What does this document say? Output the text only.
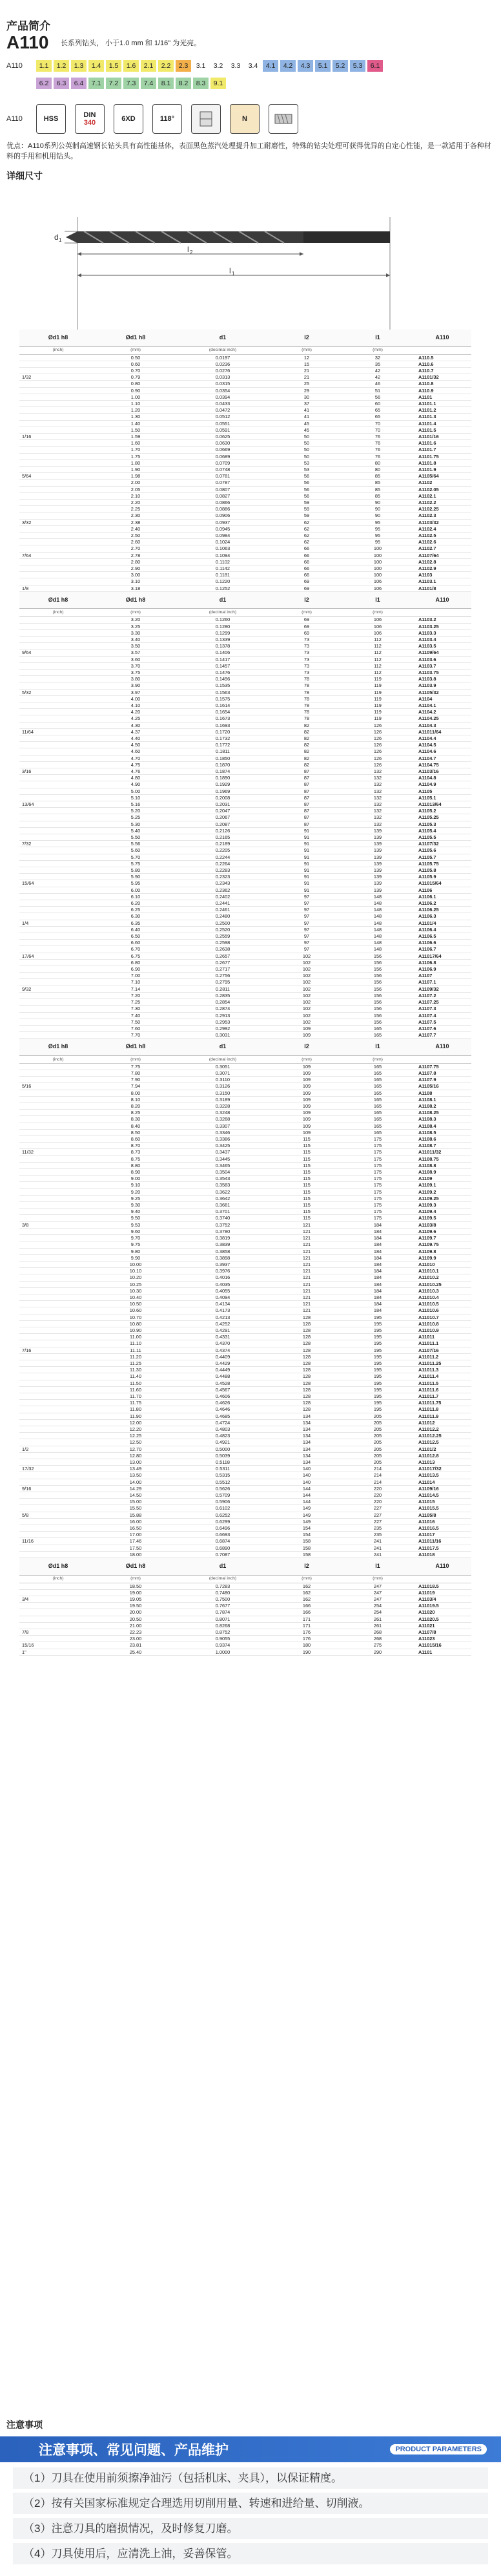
产品简介
A110	长系列钻头， 小于1.0 mm 和 1/16" 为光亮。
A110	1.1	1.2	1.3	1.4	1.5	1.6	2.1	2.2	2.3	3.1	3.2	3.3	3.4	4.1	4.2	4.3	5.1	5.2	5.3	6.1
6.2	6.3	6.4	7.1	7.2	7.3	7.4	8.1	8.2	8.3	9.1
A110	HSS	DIN
340	6XD	118°	N
优点：A110系列公英制高速钢长钻头具有高性能基体，表面黑色蒸汽处理提升加工耐磨性，特殊的钻尖处理可获得优异的自定心性能，是一款适用于各种材料的手用和机用钻头。
详细尺寸
d 1
l 2
l 1
Ød1 h8	Ød1 h8	d1	l2	l1	A110
(inch)	(mm)	(decimal inch)	(mm)	(mm)	
	0.50	0.0197	12	32	A110.5
	0.60	0.0236	15	35	A110.6
	0.70	0.0276	21	42	A110.7
1/32	0.79	0.0313	21	42	A1101/32
	0.80	0.0315	25	46	A110.8
	0.90	0.0354	29	51	A110.9
	1.00	0.0394	30	56	A1101
	1.10	0.0433	37	60	A1101.1
	1.20	0.0472	41	65	A1101.2
	1.30	0.0512	41	65	A1101.3
	1.40	0.0551	45	70	A1101.4
	1.50	0.0591	45	70	A1101.5
1/16	1.59	0.0625	50	76	A1101/16
	1.60	0.0630	50	76	A1101.6
	1.70	0.0669	50	76	A1101.7
	1.75	0.0689	50	76	A1101.75
	1.80	0.0709	53	80	A1101.8
	1.90	0.0748	53	80	A1101.9
5/64	1.98	0.0781	56	85	A1105/64
	2.00	0.0787	56	85	A1102
	2.05	0.0807	56	85	A1102.05
	2.10	0.0827	56	85	A1102.1
	2.20	0.0866	59	90	A1102.2
	2.25	0.0886	59	90	A1102.25
	2.30	0.0906	59	90	A1102.3
3/32	2.38	0.0937	62	95	A1103/32
	2.40	0.0945	62	95	A1102.4
	2.50	0.0984	62	95	A1102.5
	2.60	0.1024	62	95	A1102.6
	2.70	0.1063	66	100	A1102.7
7/64	2.78	0.1094	66	100	A1107/64
	2.80	0.1102	66	100	A1102.8
	2.90	0.1142	66	100	A1102.9
	3.00	0.1181	66	100	A1103
	3.10	0.1220	69	106	A1103.1
1/8	3.18	0.1252	69	106	A1101/8
Ød1 h8	Ød1 h8	d1	l2	l1	A110
(inch)	(mm)	(decimal inch)	(mm)	(mm)	
	3.20	0.1260	69	106	A1103.2
	3.25	0.1280	69	106	A1103.25
	3.30	0.1299	69	106	A1103.3
	3.40	0.1339	73	112	A1103.4
	3.50	0.1378	73	112	A1103.5
9/64	3.57	0.1406	73	112	A1109/64
	3.60	0.1417	73	112	A1103.6
	3.70	0.1457	73	112	A1103.7
	3.75	0.1476	73	112	A1103.75
	3.80	0.1496	78	119	A1103.8
	3.90	0.1535	78	119	A1103.9
5/32	3.97	0.1563	78	119	A1105/32
	4.00	0.1575	78	119	A1104
	4.10	0.1614	78	119	A1104.1
	4.20	0.1654	78	119	A1104.2
	4.25	0.1673	78	119	A1104.25
	4.30	0.1693	82	126	A1104.3
11/64	4.37	0.1720	82	126	A11011/64
	4.40	0.1732	82	126	A1104.4
	4.50	0.1772	82	126	A1104.5
	4.60	0.1811	82	126	A1104.6
	4.70	0.1850	82	126	A1104.7
	4.75	0.1870	82	126	A1104.75
3/16	4.76	0.1874	87	132	A1103/16
	4.80	0.1890	87	132	A1104.8
	4.90	0.1929	87	132	A1104.9
	5.00	0.1969	87	132	A1105
	5.10	0.2008	87	132	A1105.1
13/64	5.16	0.2031	87	132	A11013/64
	5.20	0.2047	87	132	A1105.2
	5.25	0.2067	87	132	A1105.25
	5.30	0.2087	87	132	A1105.3
	5.40	0.2126	91	139	A1105.4
	5.50	0.2165	91	139	A1105.5
7/32	5.56	0.2189	91	139	A1107/32
	5.60	0.2205	91	139	A1105.6
	5.70	0.2244	91	139	A1105.7
	5.75	0.2264	91	139	A1105.75
	5.80	0.2283	91	139	A1105.8
	5.90	0.2323	91	139	A1105.9
15/64	5.95	0.2343	91	139	A11015/64
	6.00	0.2362	91	139	A1106
	6.10	0.2402	97	148	A1106.1
	6.20	0.2441	97	148	A1106.2
	6.25	0.2461	97	148	A1106.25
	6.30	0.2480	97	148	A1106.3
1/4	6.35	0.2500	97	148	A1101/4
	6.40	0.2520	97	148	A1106.4
	6.50	0.2559	97	148	A1106.5
	6.60	0.2598	97	148	A1106.6
	6.70	0.2638	97	148	A1106.7
17/64	6.75	0.2657	102	156	A11017/64
	6.80	0.2677	102	156	A1106.8
	6.90	0.2717	102	156	A1106.9
	7.00	0.2756	102	156	A1107
	7.10	0.2795	102	156	A1107.1
9/32	7.14	0.2811	102	156	A1109/32
	7.20	0.2835	102	156	A1107.2
	7.25	0.2854	102	156	A1107.25
	7.30	0.2874	102	156	A1107.3
	7.40	0.2913	102	156	A1107.4
	7.50	0.2953	102	156	A1107.5
	7.60	0.2992	109	165	A1107.6
	7.70	0.3031	109	165	A1107.7
Ød1 h8	Ød1 h8	d1	l2	l1	A110
(inch)	(mm)	(decimal inch)	(mm)	(mm)	
	7.75	0.3051	109	165	A1107.75
	7.80	0.3071	109	165	A1107.8
	7.90	0.3110	109	165	A1107.9
5/16	7.94	0.3126	109	165	A1105/16
	8.00	0.3150	109	165	A1108
	8.10	0.3189	109	165	A1108.1
	8.20	0.3228	109	165	A1108.2
	8.25	0.3248	109	165	A1108.25
	8.30	0.3268	109	165	A1108.3
	8.40	0.3307	109	165	A1108.4
	8.50	0.3346	109	165	A1108.5
	8.60	0.3386	115	175	A1108.6
	8.70	0.3425	115	175	A1108.7
11/32	8.73	0.3437	115	175	A11011/32
	8.75	0.3445	115	175	A1108.75
	8.80	0.3465	115	175	A1108.8
	8.90	0.3504	115	175	A1108.9
	9.00	0.3543	115	175	A1109
	9.10	0.3583	115	175	A1109.1
	9.20	0.3622	115	175	A1109.2
	9.25	0.3642	115	175	A1109.25
	9.30	0.3661	115	175	A1109.3
	9.40	0.3701	115	175	A1109.4
	9.50	0.3740	115	175	A1109.5
3/8	9.53	0.3752	121	184	A1103/8
	9.60	0.3780	121	184	A1109.6
	9.70	0.3819	121	184	A1109.7
	9.75	0.3839	121	184	A1109.75
	9.80	0.3858	121	184	A1109.8
	9.90	0.3898	121	184	A1109.9
	10.00	0.3937	121	184	A11010
	10.10	0.3976	121	184	A11010.1
	10.20	0.4016	121	184	A11010.2
	10.25	0.4035	121	184	A11010.25
	10.30	0.4055	121	184	A11010.3
	10.40	0.4094	121	184	A11010.4
	10.50	0.4134	121	184	A11010.5
	10.60	0.4173	121	184	A11010.6
	10.70	0.4213	128	195	A11010.7
	10.80	0.4252	128	195	A11010.8
	10.90	0.4291	128	195	A11010.9
	11.00	0.4331	128	195	A11011
	11.10	0.4370	128	195	A11011.1
7/16	11.11	0.4374	128	195	A1107/16
	11.20	0.4409	128	195	A11011.2
	11.25	0.4429	128	195	A11011.25
	11.30	0.4449	128	195	A11011.3
	11.40	0.4488	128	195	A11011.4
	11.50	0.4528	128	195	A11011.5
	11.60	0.4567	128	195	A11011.6
	11.70	0.4606	128	195	A11011.7
	11.75	0.4626	128	195	A11011.75
	11.80	0.4646	128	195	A11011.8
	11.90	0.4685	134	205	A11011.9
	12.00	0.4724	134	205	A11012
	12.20	0.4803	134	205	A11012.2
	12.25	0.4823	134	205	A11012.25
	12.50	0.4921	134	205	A11012.5
1/2	12.70	0.5000	134	205	A1101/2
	12.80	0.5039	134	205	A11012.8
	13.00	0.5118	134	205	A11013
17/32	13.49	0.5311	140	214	A11017/32
	13.50	0.5315	140	214	A11013.5
	14.00	0.5512	140	214	A11014
9/16	14.29	0.5626	144	220	A1109/16
	14.50	0.5709	144	220	A11014.5
	15.00	0.5906	144	220	A11015
	15.50	0.6102	149	227	A11015.5
5/8	15.88	0.6252	149	227	A1105/8
	16.00	0.6299	149	227	A11016
	16.50	0.6496	154	235	A11016.5
	17.00	0.6693	154	235	A11017
11/16	17.46	0.6874	158	241	A11011/16
	17.50	0.6890	158	241	A11017.5
	18.00	0.7087	158	241	A11018
Ød1 h8	Ød1 h8	d1	l2	l1	A110
(inch)	(mm)	(decimal inch)	(mm)	(mm)	
	18.50	0.7283	162	247	A11018.5
	19.00	0.7480	162	247	A11019
3/4	19.05	0.7500	162	247	A1103/4
	19.50	0.7677	166	254	A11019.5
	20.00	0.7874	166	254	A11020
	20.50	0.8071	171	261	A11020.5
	21.00	0.8268	171	261	A11021
7/8	22.23	0.8752	176	268	A1107/8
	23.00	0.9055	176	268	A11023
15/16	23.81	0.9374	180	275	A11015/16
1"	25.40	1.0000	190	290	A1101
注意事项
注意事项、常见问题、产品维护	PRODUCT PARAMETERS
（1）刀具在使用前须擦净油污（包括机床、夹具），以保证精度。
（2）按有关国家标准规定合理选用切削用量、转速和进给量、切削液。
（3）注意刀具的磨损情况，及时修复刀磨。
（4）刀具使用后，应清洗上油，妥善保管。
